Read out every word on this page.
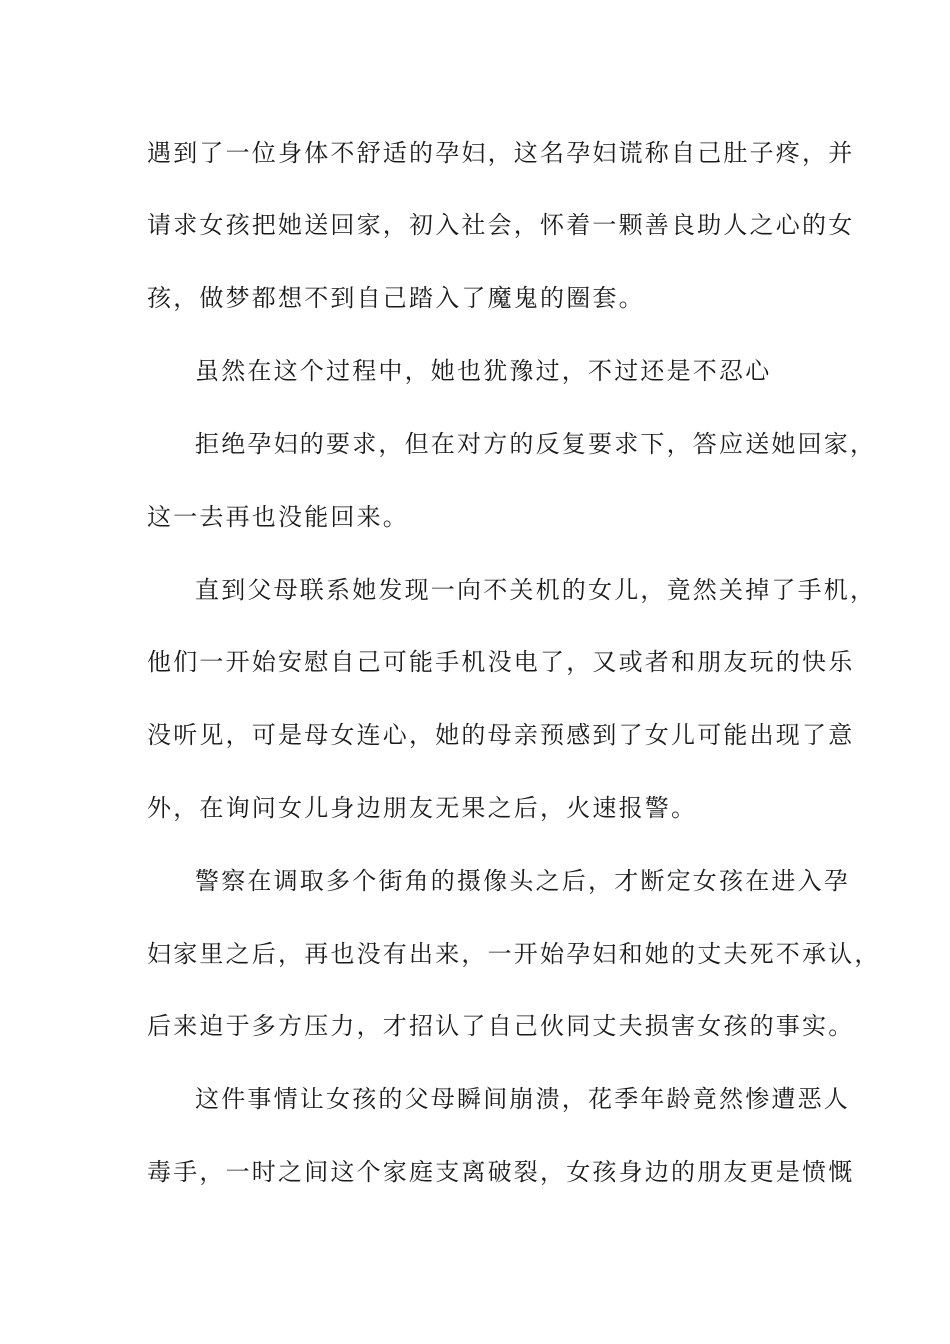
遇到了一位身体不舒适的孕妇，这名孕妇谎称自己肚子疼，并
请求女孩把她送回家，初入社会，怀着一颗善良助人之心的女
孩，做梦都想不到自己踏入了魔鬼的圈套。
虽然在这个过程中，她也犹豫过，不过还是不忍心
拒绝孕妇的要求，但在对方的反复要求下，答应送她回家，
这一去再也没能回来。
直到父母联系她发现一向不关机的女儿，竟然关掉了手机，
他们一开始安慰自己可能手机没电了，又或者和朋友玩的快乐
没听见，可是母女连心，她的母亲预感到了女儿可能出现了意
外，在询问女儿身边朋友无果之后，火速报警。
警察在调取多个街角的摄像头之后，才断定女孩在进入孕
妇家里之后，再也没有出来，一开始孕妇和她的丈夫死不承认，
后来迫于多方压力，才招认了自己伙同丈夫损害女孩的事实。
这件事情让女孩的父母瞬间崩溃，花季年龄竟然惨遭恶人
毒手，一时之间这个家庭支离破裂，女孩身边的朋友更是愤慨
